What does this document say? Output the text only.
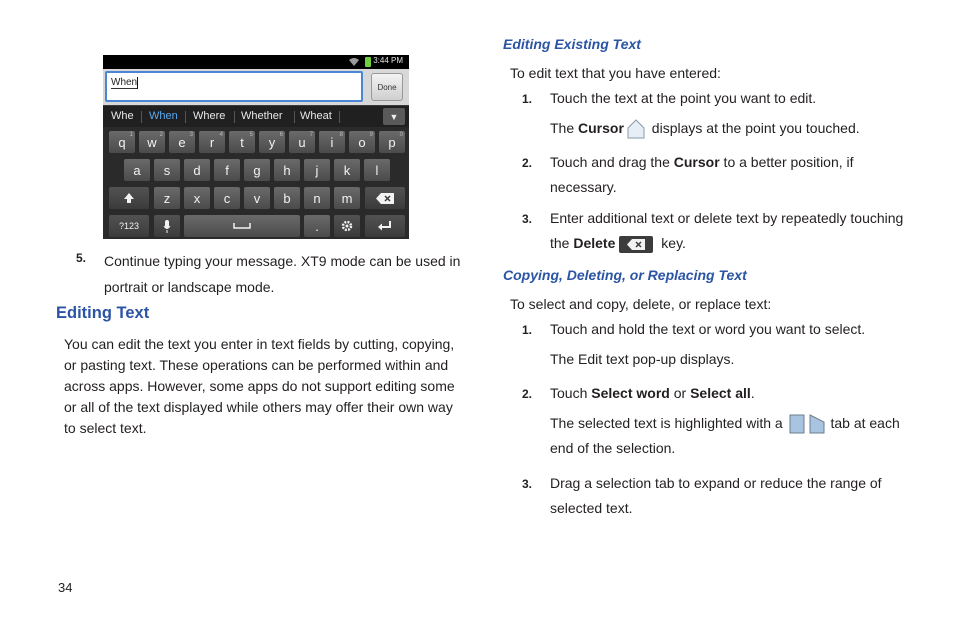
3:44 PM
When	Done
Whe When Where Whether Wheat	▼
q 1 w 2 e 3 r 4 t 5 y 6 u 7 i 8 o 9 p 0
a	s	d	f	g	h	j	k	l
z	x	c	v	b	n	m
?123	.
5. Continue typing your message. XT9 mode can be used in portrait or landscape mode.
Editing Text
You can edit the text you enter in text fields by cutting, copying, or pasting text. These operations can be performed within and across apps. However, some apps do not support editing some or all of the text displayed while others may offer their own way to select text.
34
Editing Existing Text
To edit text that you have entered:
1. Touch the text at the point you want to edit.
The Cursor displays at the point you touched.
2. Touch and drag the Cursor to a better position, if necessary.
3. Enter additional text or delete text by repeatedly touching the Delete	key.
Copying, Deleting, or Replacing Text
To select and copy, delete, or replace text:
1. Touch and hold the text or word you want to select.
The Edit text pop-up displays.
2. Touch Select word or Select all.
The selected text is highlighted with a	tab at each end of the selection.
3. Drag a selection tab to expand or reduce the range of selected text.
